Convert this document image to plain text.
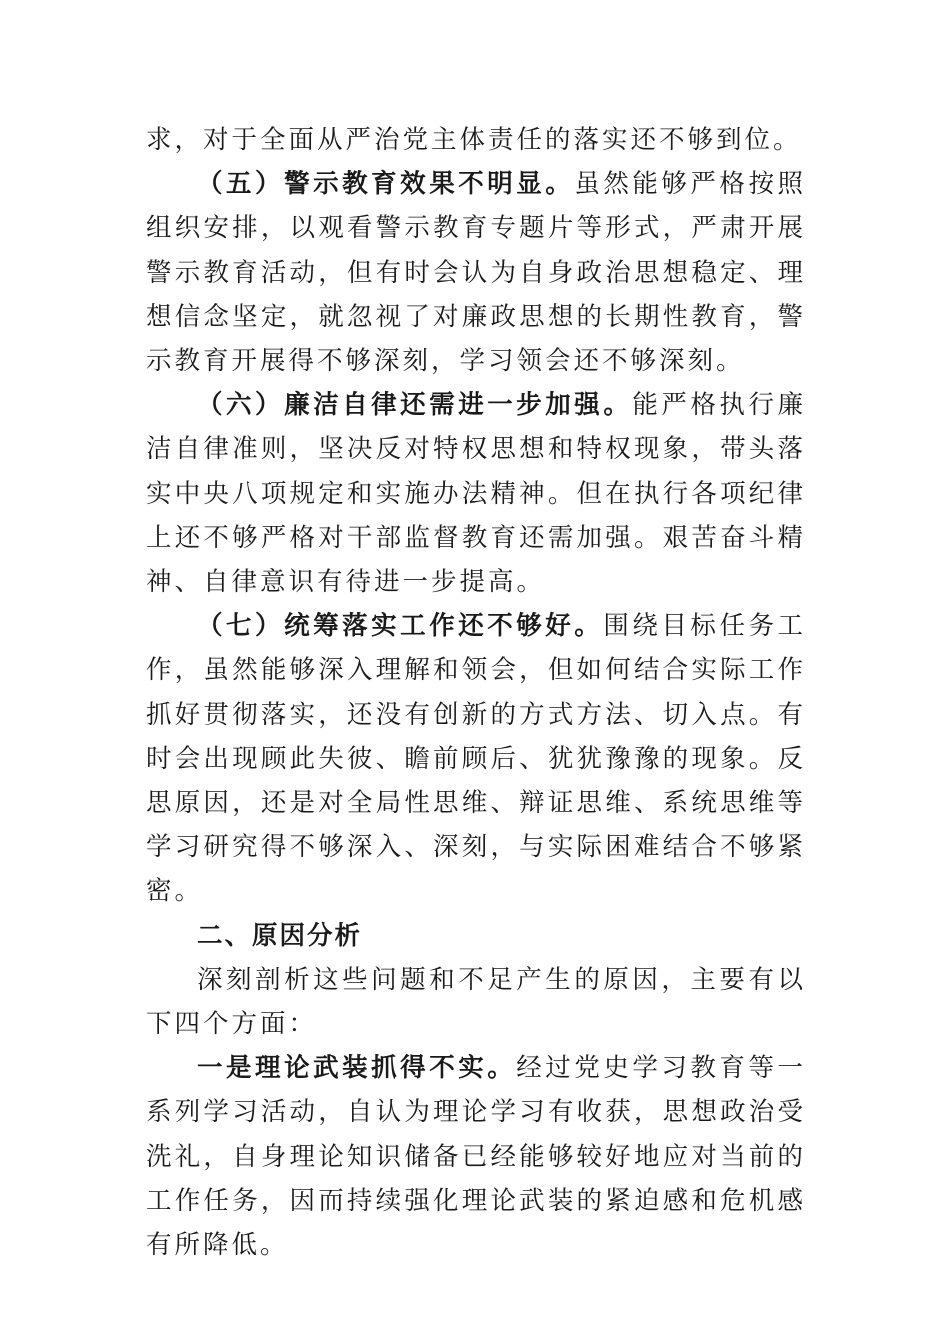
求，对于全面从严治党主体责任的落实还不够到位。

（五）警示教育效果不明显。虽然能够严格按照组织安排，以观看警示教育专题片等形式，严肃开展警示教育活动，但有时会认为自身政治思想稳定、理想信念坚定，就忽视了对廉政思想的长期性教育，警示教育开展得不够深刻，学习领会还不够深刻。

（六）廉洁自律还需进一步加强。能严格执行廉洁自律准则，坚决反对特权思想和特权现象，带头落实中央八项规定和实施办法精神。但在执行各项纪律上还不够严格对干部监督教育还需加强。艰苦奋斗精神、自律意识有待进一步提高。

（七）统筹落实工作还不够好。围绕目标任务工作，虽然能够深入理解和领会，但如何结合实际工作抓好贯彻落实，还没有创新的方式方法、切入点。有时会出现顾此失彼、瞻前顾后、犹犹豫豫的现象。反思原因，还是对全局性思维、辩证思维、系统思维等学习研究得不够深入、深刻，与实际困难结合不够紧密。

二、原因分析

深刻剖析这些问题和不足产生的原因，主要有以下四个方面：

一是理论武装抓得不实。经过党史学习教育等一系列学习活动，自认为理论学习有收获，思想政治受洗礼，自身理论知识储备已经能够较好地应对当前的工作任务，因而持续强化理论武装的紧迫感和危机感有所降低。
